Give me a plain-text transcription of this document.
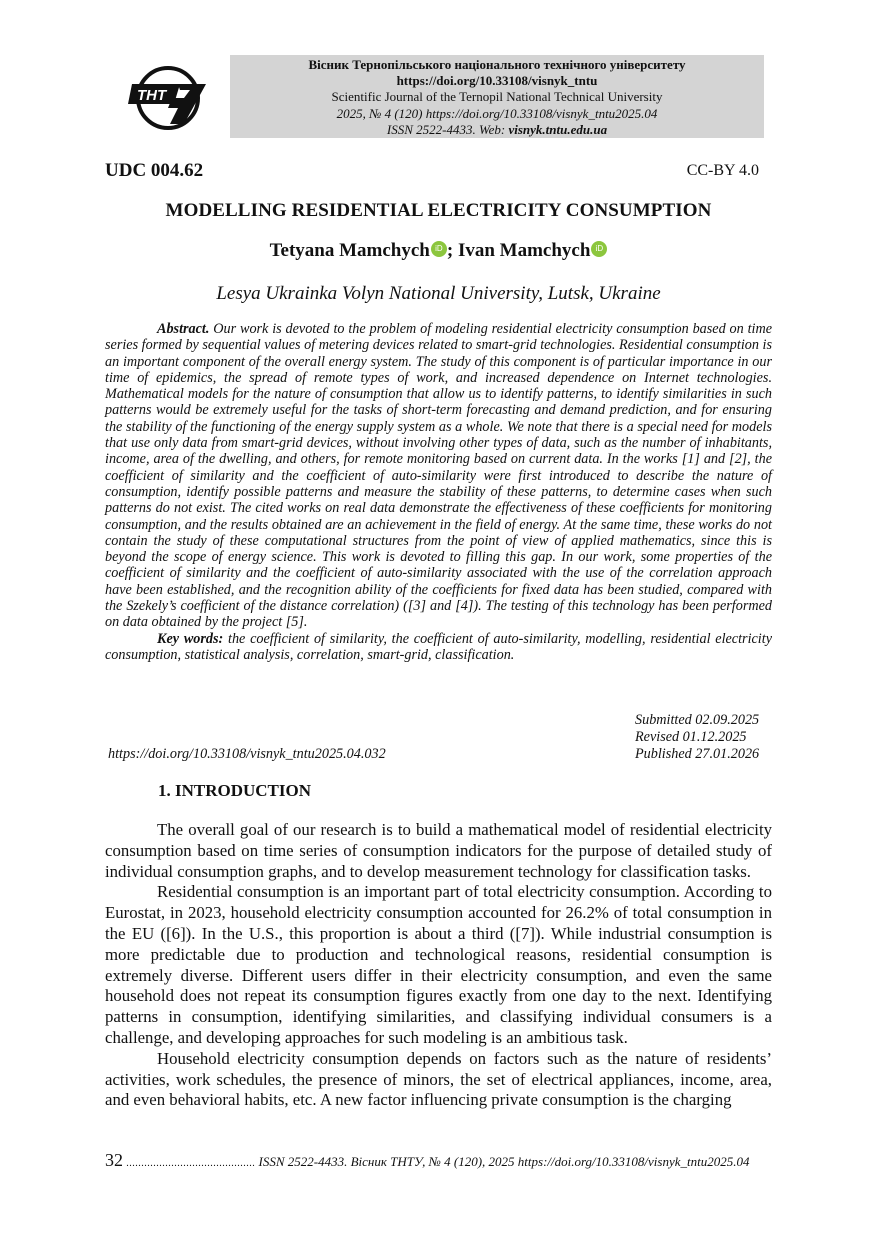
THT
Вісник Тернопільського національного технічного університету
https://doi.org/10.33108/visnyk_tntu
Scientific Journal of the Ternopil National Technical University
2025, № 4 (120) https://doi.org/10.33108/visnyk_tntu2025.04
ISSN 2522-4433. Web: visnyk.tntu.edu.ua
UDC 004.62	CC-BY 4.0
MODELLING RESIDENTIAL ELECTRICITY CONSUMPTION
Tetyana Mamchych iD ; Ivan Mamchych iD
Lesya Ukrainka Volyn National University, Lutsk, Ukraine

Abstract. Our work is devoted to the problem of modeling residential electricity consumption based on time series formed by sequential values of metering devices related to smart-grid technologies. Residential consumption is an important component of the overall energy system. The study of this component is of particular importance in our time of epidemics, the spread of remote types of work, and increased dependence on Internet technologies. Mathematical models for the nature of consumption that allow us to identify patterns, to identify similarities in such patterns would be extremely useful for the tasks of short-term forecasting and demand prediction, and for ensuring the stability of the functioning of the energy supply system as a whole. We note that there is a special need for models that use only data from smart-grid devices, without involving other types of data, such as the number of inhabitants, income, area of the dwelling, and others, for remote monitoring based on current data. In the works [1] and [2], the coefficient of similarity and the coefficient of auto-similarity were first introduced to describe the nature of consumption, identify possible patterns and measure the stability of these patterns, to determine cases when such patterns do not exist. The cited works on real data demonstrate the effectiveness of these coefficients for monitoring consumption, and the results obtained are an achievement in the field of energy. At the same time, these works do not contain the study of these computational structures from the point of view of applied mathematics, since this is beyond the scope of energy science. This work is devoted to filling this gap. In our work, some properties of the coefficient of similarity and the coefficient of auto-similarity associated with the use of the correlation approach have been established, and the recognition ability of the coefficients for fixed data has been studied, compared with the Szekely’s coefficient of the distance correlation) ([3] and [4]). The testing of this technology has been performed on data obtained by the project [5].

Key words: the coefficient of similarity, the coefficient of auto-similarity, modelling, residential electricity consumption, statistical analysis, correlation, smart-grid, classification.

Submitted 02.09.2025
Revised 01.12.2025
Published 27.01.2026
https://doi.org/10.33108/visnyk_tntu2025.04.032
1. INTRODUCTION

The overall goal of our research is to build a mathematical model of residential electricity consumption based on time series of consumption indicators for the purpose of detailed study of individual consumption graphs, and to develop measurement technology for classification tasks.

Residential consumption is an important part of total electricity consumption. According to Eurostat, in 2023, household electricity consumption accounted for 26.2% of total consumption in the EU ([6]). In the U.S., this proportion is about a third ([7]). While industrial consumption is more predictable due to production and technological reasons, residential consumption is extremely diverse. Different users differ in their electricity consumption, and even the same household does not repeat its consumption figures exactly from one day to the next. Identifying patterns in consumption, identifying similarities, and classifying individual consumers is a challenge, and developing approaches for such modeling is an ambitious task.

Household electricity consumption depends on factors such as the nature of residents’ activities, work schedules, the presence of minors, the set of electrical appliances, income, area, and even behavioral habits, etc. A new factor influencing private consumption is the charging

32 ........................................... ISSN 2522-4433. Вісник ТНТУ, № 4 (120), 2025 https://doi.org/10.33108/visnyk_tntu2025.04
